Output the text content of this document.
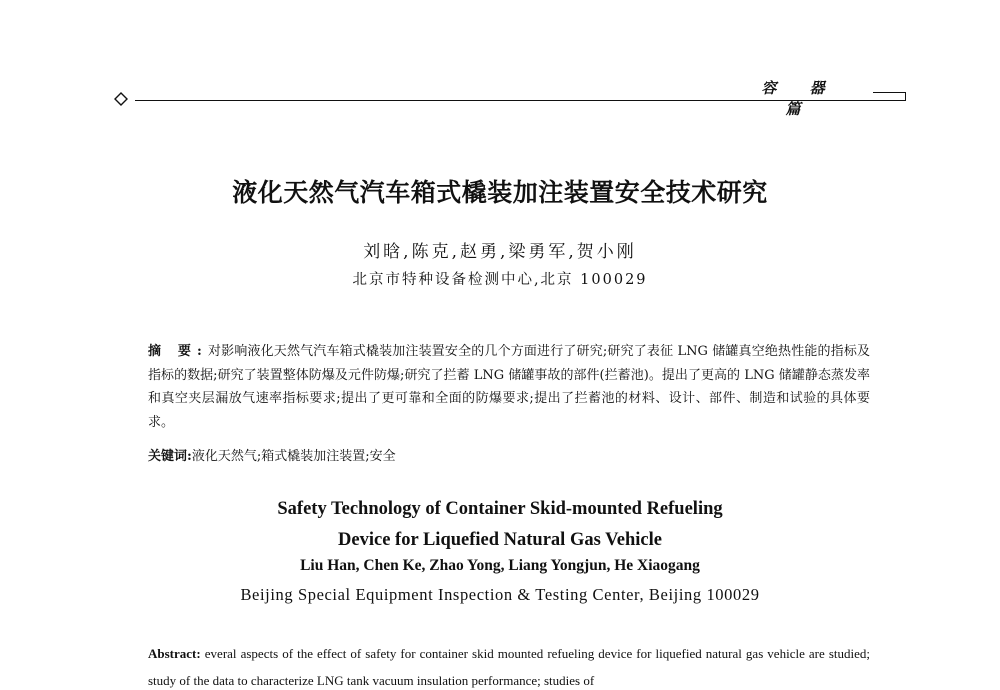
容 器 篇
液化天然气汽车箱式橇装加注装置安全技术研究
刘晗,陈克,赵勇,梁勇军,贺小刚
北京市特种设备检测中心,北京 100029
摘 要:对影响液化天然气汽车箱式橇装加注装置安全的几个方面进行了研究;研究了表征 LNG 储罐真空绝热性能的指标及指标的数据;研究了装置整体防爆及元件防爆;研究了拦蓄 LNG 储罐事故的部件(拦蓄池)。提出了更高的 LNG 储罐静态蒸发率和真空夹层漏放气速率指标要求;提出了更可靠和全面的防爆要求;提出了拦蓄池的材料、设计、部件、制造和试验的具体要求。
关键词:液化天然气;箱式橇装加注装置;安全
Safety Technology of Container Skid-mounted Refueling
Device for Liquefied Natural Gas Vehicle
Liu Han, Chen Ke, Zhao Yong, Liang Yongjun, He Xiaogang
Beijing Special Equipment Inspection & Testing Center, Beijing 100029
Abstract: everal aspects of the effect of safety for container skid mounted refueling device for liquefied natural gas vehicle are studied; study of the data to characterize LNG tank vacuum insulation performance; studies of
